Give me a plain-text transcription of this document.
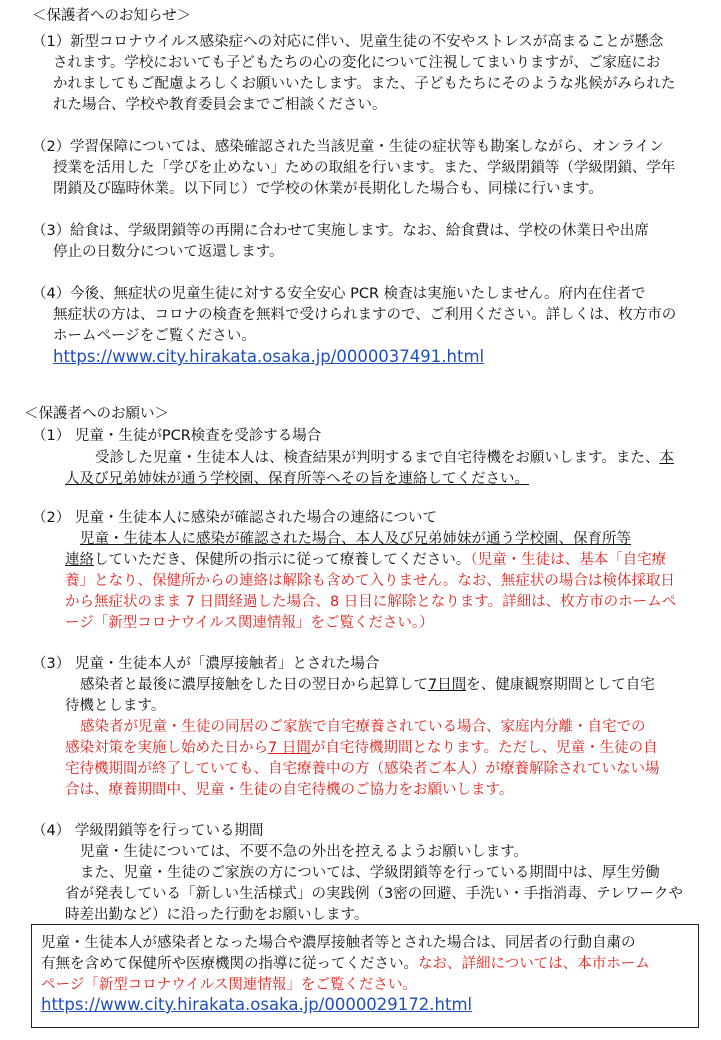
＜保護者へのお知らせ＞
（1） 新型コロナウイルス感染症への対応に伴い、児童生徒の不安やストレスが高まることが懸念
されます。学校においても子どもたちの心の変化について注視してまいりますが、ご家庭にお
かれましてもご配慮よろしくお願いいたします。また、子どもたちにそのような兆候がみられた
れた場合、学校や教育委員会までご相談ください。
（2） 学習保障については、感染確認された当該児童・生徒の症状等も勘案しながら、オンライン
授業を活用した「学びを止めない」ための取組を行います。また、学級閉鎖等（学級閉鎖、学年
閉鎖及び臨時休業。以下同じ）で学校の休業が長期化した場合も、同様に行います。
（3） 給食は、学級閉鎖等の再開に合わせて実施します。なお、給食費は、学校の休業日や出席
停止の日数分について返還します。
（4） 今後、無症状の児童生徒に対する安全安心 PCR 検査は実施いたしません。府内在住者で
無症状の方は、コロナの検査を無料で受けられますので、ご利用ください。詳しくは、枚方市の
ホームページをご覧ください。
https://www.city.hirakata.osaka.jp/0000037491.html
＜保護者へのお願い＞
（1） 児童・生徒がPCR検査を受診する場合
受診した児童・生徒本人は、検査結果が判明するまで自宅待機をお願いします。また、本
人及び兄弟姉妹が通う学校園、保育所等へその旨を連絡してください。
（2） 児童・生徒本人に感染が確認された場合の連絡について
児童・生徒本人に感染が確認された場合、本人及び兄弟姉妹が通う学校園、保育所等
連絡していただき、保健所の指示に従って療養してください。（児童・生徒は、基本「自宅療
養」となり、保健所からの連絡は解除も含めて入りません。なお、無症状の場合は検体採取日
から無症状のまま 7 日間経過した場合、8 日目に解除となります。詳細は、枚方市のホームペ
ージ「新型コロナウイルス関連情報」をご覧ください。）
（3） 児童・生徒本人が「濃厚接触者」とされた場合
感染者と最後に濃厚接触をした日の翌日から起算して7日間を、健康観察期間として自宅
待機とします。
感染者が児童・生徒の同居のご家族で自宅療養されている場合、家庭内分離・自宅での
感染対策を実施し始めた日から7 日間が自宅待機期間となります。ただし、児童・生徒の自
宅待機期間が終了していても、自宅療養中の方（感染者ご本人）が療養解除されていない場
合は、療養期間中、児童・生徒の自宅待機のご協力をお願いします。
（4） 学級閉鎖等を行っている期間
児童・生徒については、不要不急の外出を控えるようお願いします。
また、児童・生徒のご家族の方については、学級閉鎖等を行っている期間中は、厚生労働
省が発表している「新しい生活様式」の実践例（3密の回避、手洗い・手指消毒、テレワークや
時差出勤など）に沿った行動をお願いします。
児童・生徒本人が感染者となった場合や濃厚接触者等とされた場合は、同居者の行動自粛の
有無を含めて保健所や医療機関の指導に従ってください。なお、詳細については、本市ホーム
ページ「新型コロナウイルス関連情報」をご覧ください。
https://www.city.hirakata.osaka.jp/0000029172.html
